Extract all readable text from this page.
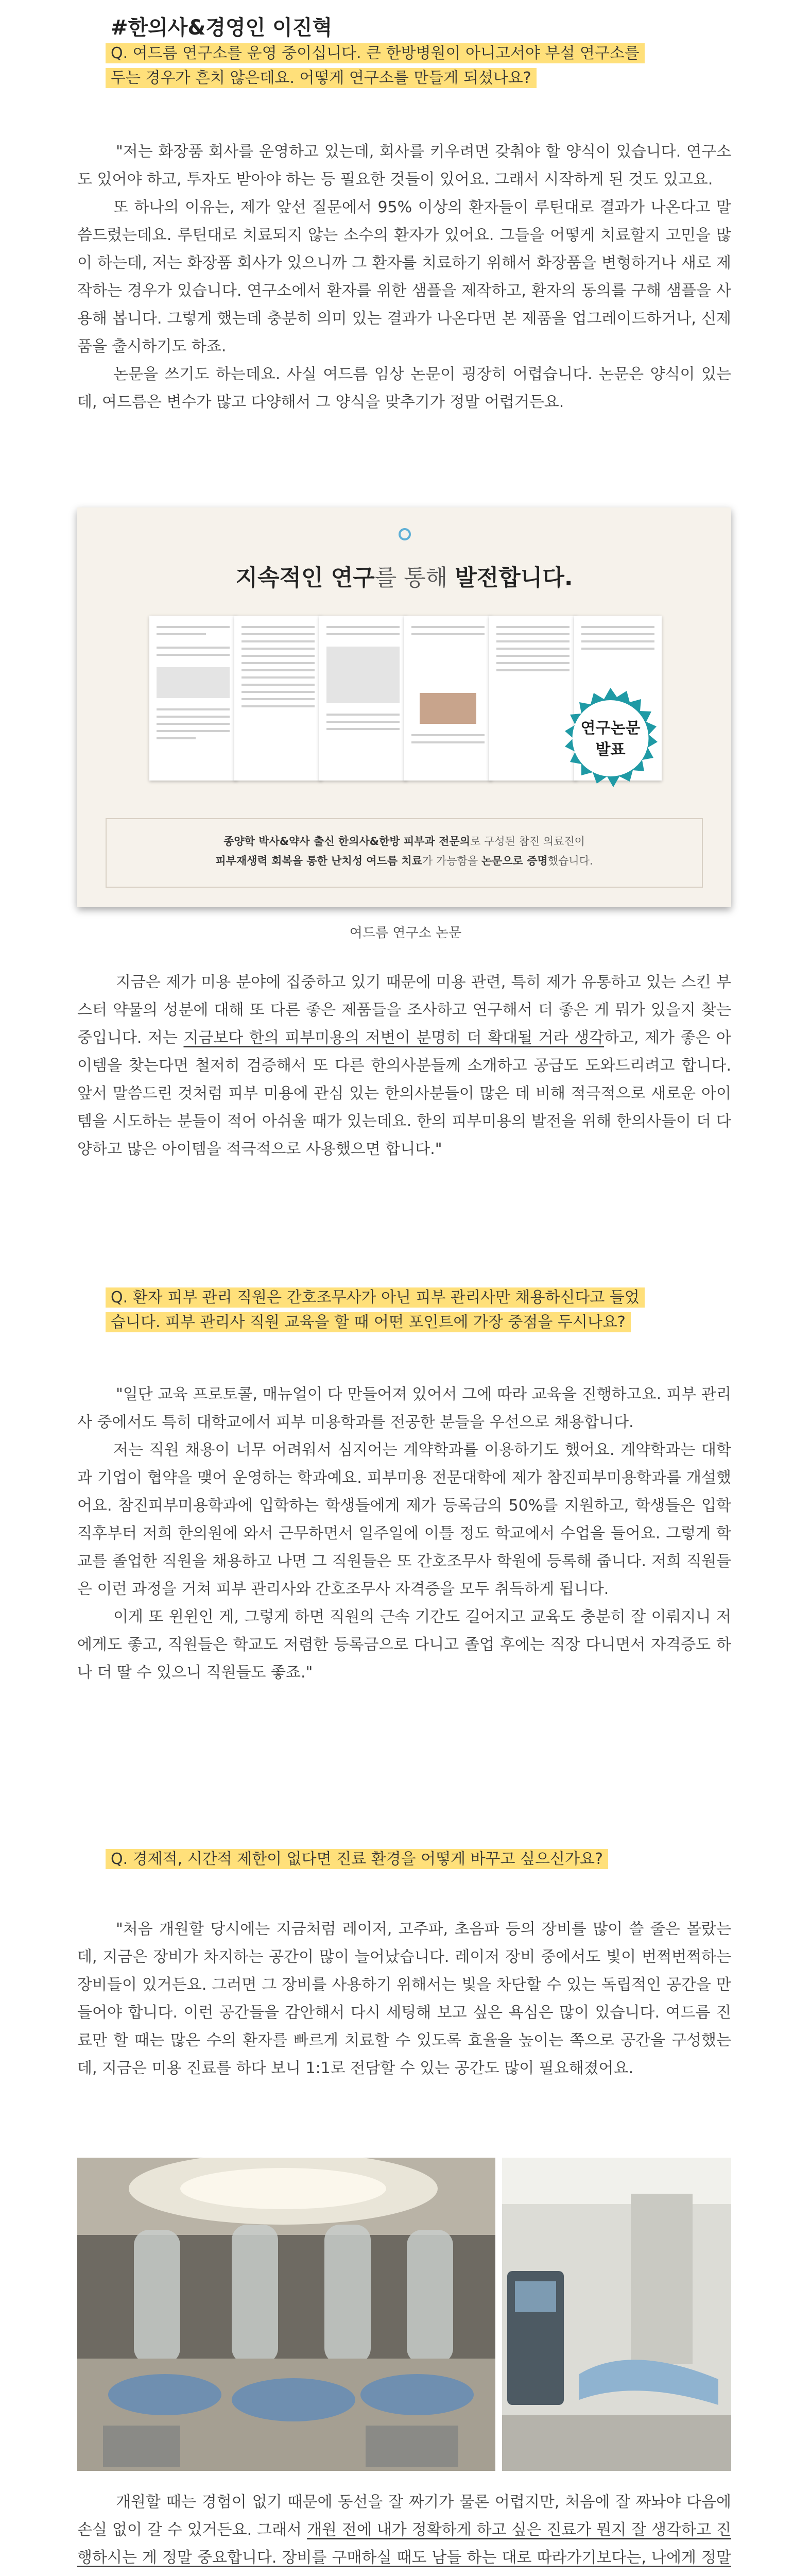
#한의사&경영인 이진혁
Q. 여드름 연구소를 운영 중이십니다. 큰 한방병원이 아니고서야 부설 연구소를
두는 경우가 흔치 않은데요. 어떻게 연구소를 만들게 되셨나요?

"저는 화장품 회사를 운영하고 있는데, 회사를 키우려면 갖춰야 할 양식이 있습니다. 연구소도 있어야 하고, 투자도 받아야 하는 등 필요한 것들이 있어요. 그래서 시작하게 된 것도 있고요.

또 하나의 이유는, 제가 앞선 질문에서 95% 이상의 환자들이 루틴대로 결과가 나온다고 말씀드렸는데요. 루틴대로 치료되지 않는 소수의 환자가 있어요. 그들을 어떻게 치료할지 고민을 많이 하는데, 저는 화장품 회사가 있으니까 그 환자를 치료하기 위해서 화장품을 변형하거나 새로 제작하는 경우가 있습니다. 연구소에서 환자를 위한 샘플을 제작하고, 환자의 동의를 구해 샘플을 사용해 봅니다. 그렇게 했는데 충분히 의미 있는 결과가 나온다면 본 제품을 업그레이드하거나, 신제품을 출시하기도 하죠.

논문을 쓰기도 하는데요. 사실 여드름 임상 논문이 굉장히 어렵습니다. 논문은 양식이 있는데, 여드름은 변수가 많고 다양해서 그 양식을 맞추기가 정말 어렵거든요.

지속적인 연구를 통해 발전합니다.
연구논문
발표
종양학 박사&약사 출신 한의사&한방 피부과 전문의로 구성된 참진 의료진이
피부재생력 회복을 통한 난치성 여드름 치료가 가능함을 논문으로 증명했습니다.
여드름 연구소 논문

지금은 제가 미용 분야에 집중하고 있기 때문에 미용 관련, 특히 제가 유통하고 있는 스킨 부스터 약물의 성분에 대해 또 다른 좋은 제품들을 조사하고 연구해서 더 좋은 게 뭐가 있을지 찾는 중입니다. 저는 지금보다 한의 피부미용의 저변이 분명히 더 확대될 거라 생각하고, 제가 좋은 아이템을 찾는다면 철저히 검증해서 또 다른 한의사분들께 소개하고 공급도 도와드리려고 합니다. 앞서 말씀드린 것처럼 피부 미용에 관심 있는 한의사분들이 많은 데 비해 적극적으로 새로운 아이템을 시도하는 분들이 적어 아쉬울 때가 있는데요. 한의 피부미용의 발전을 위해 한의사들이 더 다양하고 많은 아이템을 적극적으로 사용했으면 합니다."

Q. 환자 피부 관리 직원은 간호조무사가 아닌 피부 관리사만 채용하신다고 들었
습니다. 피부 관리사 직원 교육을 할 때 어떤 포인트에 가장 중점을 두시나요?

"일단 교육 프로토콜, 매뉴얼이 다 만들어져 있어서 그에 따라 교육을 진행하고요. 피부 관리사 중에서도 특히 대학교에서 피부 미용학과를 전공한 분들을 우선으로 채용합니다.

저는 직원 채용이 너무 어려워서 심지어는 계약학과를 이용하기도 했어요. 계약학과는 대학과 기업이 협약을 맺어 운영하는 학과예요. 피부미용 전문대학에 제가 참진피부미용학과를 개설했어요. 참진피부미용학과에 입학하는 학생들에게 제가 등록금의 50%를 지원하고, 학생들은 입학 직후부터 저희 한의원에 와서 근무하면서 일주일에 이틀 정도 학교에서 수업을 들어요. 그렇게 학교를 졸업한 직원을 채용하고 나면 그 직원들은 또 간호조무사 학원에 등록해 줍니다. 저희 직원들은 이런 과정을 거쳐 피부 관리사와 간호조무사 자격증을 모두 취득하게 됩니다.

이게 또 윈윈인 게, 그렇게 하면 직원의 근속 기간도 길어지고 교육도 충분히 잘 이뤄지니 저에게도 좋고, 직원들은 학교도 저렴한 등록금으로 다니고 졸업 후에는 직장 다니면서 자격증도 하나 더 딸 수 있으니 직원들도 좋죠."

Q. 경제적, 시간적 제한이 없다면 진료 환경을 어떻게 바꾸고 싶으신가요?

"처음 개원할 당시에는 지금처럼 레이저, 고주파, 초음파 등의 장비를 많이 쓸 줄은 몰랐는데, 지금은 장비가 차지하는 공간이 많이 늘어났습니다. 레이저 장비 중에서도 빛이 번쩍번쩍하는 장비들이 있거든요. 그러면 그 장비를 사용하기 위해서는 빛을 차단할 수 있는 독립적인 공간을 만들어야 합니다. 이런 공간들을 감안해서 다시 세팅해 보고 싶은 욕심은 많이 있습니다. 여드름 진료만 할 때는 많은 수의 환자를 빠르게 치료할 수 있도록 효율을 높이는 쪽으로 공간을 구성했는데, 지금은 미용 진료를 하다 보니 1:1로 전담할 수 있는 공간도 많이 필요해졌어요.

개원할 때는 경험이 없기 때문에 동선을 잘 짜기가 물론 어렵지만, 처음에 잘 짜놔야 다음에 손실 없이 갈 수 있거든요. 그래서 개원 전에 내가 정확하게 하고 싶은 진료가 뭔지 잘 생각하고 진행하시는 게 정말 중요합니다. 장비를 구매하실 때도 남들 하는 대로 따라가기보다는, 나에게 정말
